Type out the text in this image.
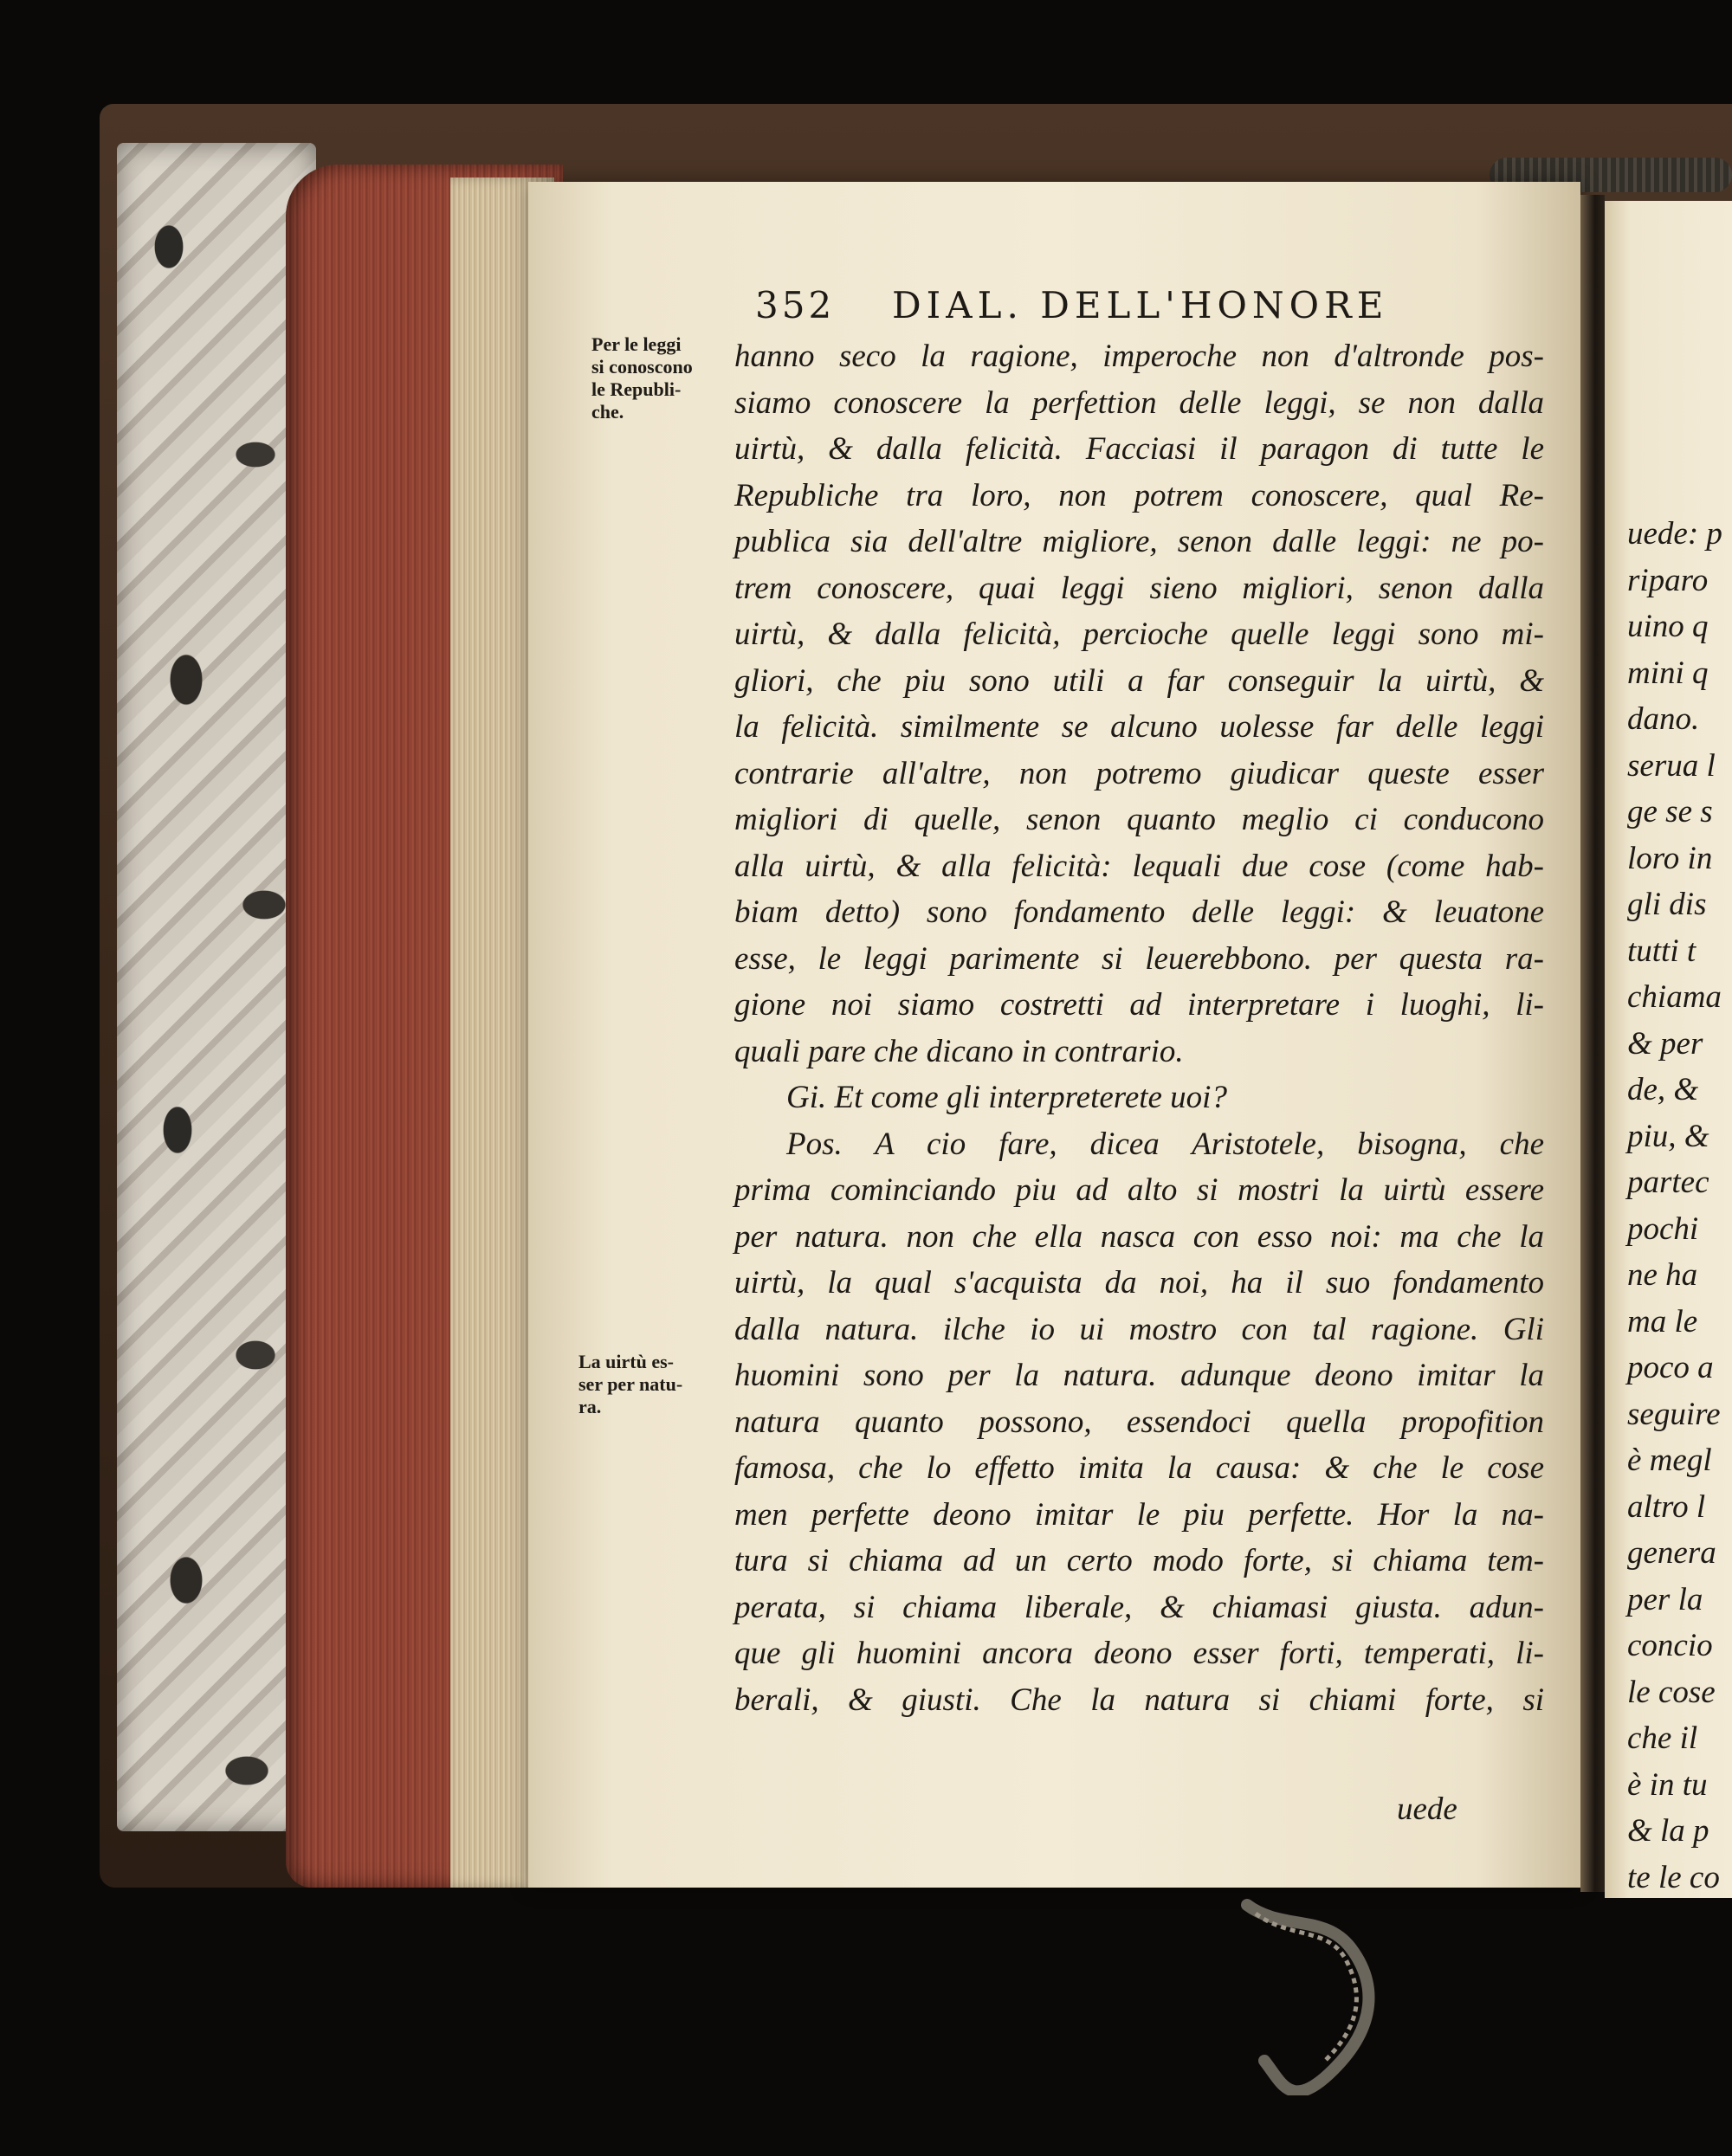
uede: p
riparo
uino q
mini q
dano.
serua l
ge se s
loro in
gli dis
tutti t
chiama
& per
de, &
piu, &
partec
pochi
ne ha
ma le
poco a
seguire
è megl
altro l
genera
per la
concio
le cose
che il
è in tu
& la p
te le co
352 DIAL. DELL'HONORE
Per le leggi
si conoscono
le Republi-
che.
La uirtù es-
ser per natu-
ra.
hanno seco la ragione, imperoche non d'altronde pos-
siamo conoscere la perfettion delle leggi, se non dalla
uirtù, & dalla felicità. Facciasi il paragon di tutte le
Republiche tra loro, non potrem conoscere, qual Re-
publica sia dell'altre migliore, senon dalle leggi: ne po-
trem conoscere, quai leggi sieno migliori, senon dalla
uirtù, & dalla felicità, percioche quelle leggi sono mi-
gliori, che piu sono utili a far conseguir la uirtù, &
la felicità. similmente se alcuno uolesse far delle leggi
contrarie all'altre, non potremo giudicar queste esser
migliori di quelle, senon quanto meglio ci conducono
alla uirtù, & alla felicità: lequali due cose (come hab-
biam detto) sono fondamento delle leggi: & leuatone
esse, le leggi parimente si leuerebbono. per questa ra-
gione noi siamo costretti ad interpretare i luoghi, li-
quali pare che dicano in contrario.
Gi. Et come gli interpreterete uoi?
Pos. A cio fare, dicea Aristotele, bisogna, che
prima cominciando piu ad alto si mostri la uirtù essere
per natura. non che ella nasca con esso noi: ma che la
uirtù, la qual s'acquista da noi, ha il suo fondamento
dalla natura. ilche io ui mostro con tal ragione. Gli
huomini sono per la natura. adunque deono imitar la
natura quanto possono, essendoci quella propofition
famosa, che lo effetto imita la causa: & che le cose
men perfette deono imitar le piu perfette. Hor la na-
tura si chiama ad un certo modo forte, si chiama tem-
perata, si chiama liberale, & chiamasi giusta. adun-
que gli huomini ancora deono esser forti, temperati, li-
berali, & giusti. Che la natura si chiami forte, si
uede
